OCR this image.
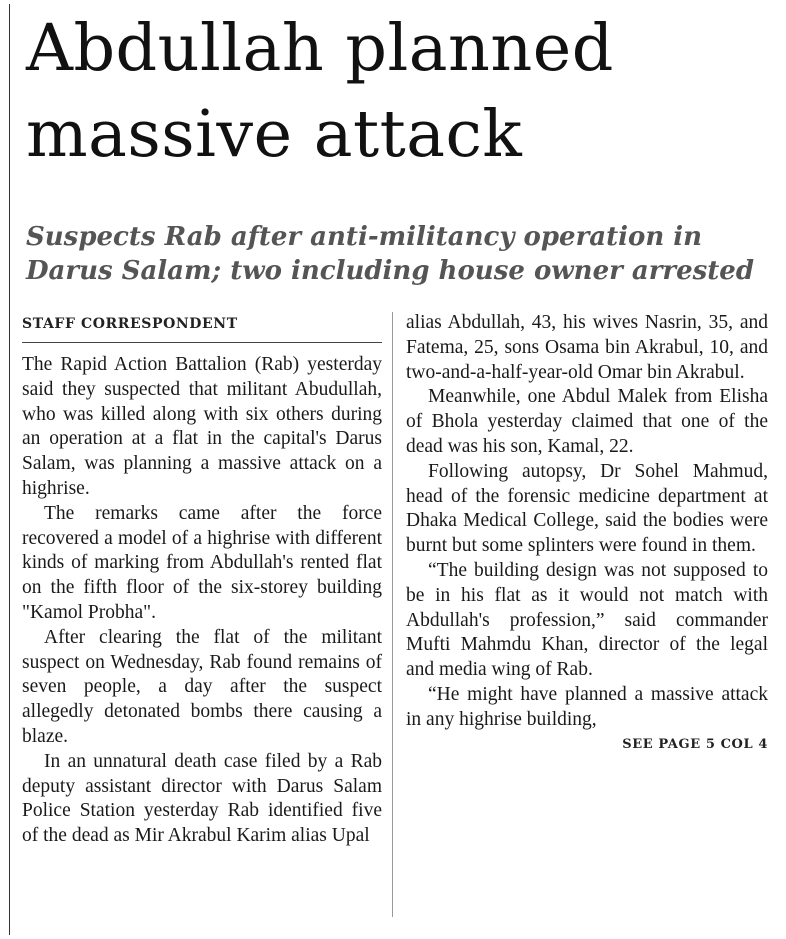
Abdullah planned massive attack
Suspects Rab after anti-militancy operation in Darus Salam; two including house owner arrested
STAFF CORRESPONDENT

The Rapid Action Battalion (Rab) yesterday said they suspected that militant Abudullah, who was killed along with six others during an operation at a flat in the capital's Darus Salam, was planning a massive attack on a highrise.

The remarks came after the force recovered a model of a highrise with different kinds of marking from Abdullah's rented flat on the fifth floor of the six-storey building "Kamol Probha".

After clearing the flat of the militant suspect on Wednesday, Rab found remains of seven people, a day after the suspect allegedly detonated bombs there causing a blaze.

In an unnatural death case filed by a Rab deputy assistant director with Darus Salam Police Station yesterday Rab identified five of the dead as Mir Akrabul Karim alias Upal

alias Abdullah, 43, his wives Nasrin, 35, and Fatema, 25, sons Osama bin Akrabul, 10, and two-and-a-half-year-old Omar bin Akrabul.

Meanwhile, one Abdul Malek from Elisha of Bhola yesterday claimed that one of the dead was his son, Kamal, 22.

Following autopsy, Dr Sohel Mahmud, head of the forensic medicine department at Dhaka Medical College, said the bodies were burnt but some splinters were found in them.

“The building design was not supposed to be in his flat as it would not match with Abdullah's profession,” said commander Mufti Mahmdu Khan, director of the legal and media wing of Rab.

“He might have planned a massive attack in any highrise building,

SEE PAGE 5 COL 4
